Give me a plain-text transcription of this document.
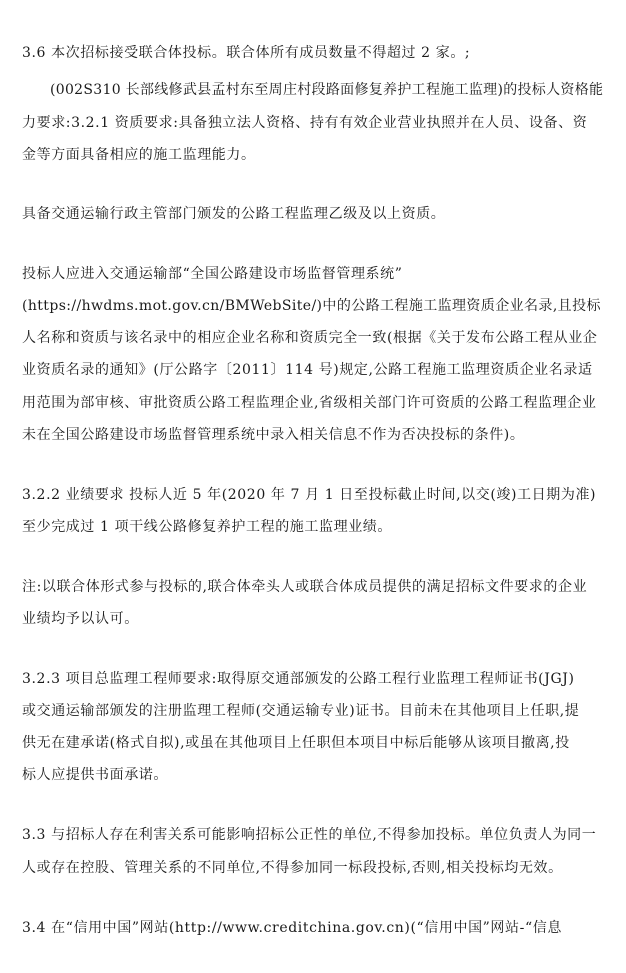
3.6 本次招标接受联合体投标。联合体所有成员数量不得超过 2 家。;
(002S310 长部线修武县孟村东至周庄村段路面修复养护工程施工监理)的投标人资格能
力要求:3.2.1 资质要求:具备独立法人资格、持有有效企业营业执照并在人员、设备、资
金等方面具备相应的施工监理能力。
具备交通运输行政主管部门颁发的公路工程监理乙级及以上资质。
投标人应进入交通运输部“全国公路建设市场监督管理系统”
(https://hwdms.mot.gov.cn/BMWebSite/)中的公路工程施工监理资质企业名录,且投标
人名称和资质与该名录中的相应企业名称和资质完全一致(根据《关于发布公路工程从业企
业资质名录的通知》(厅公路字〔2011〕114 号)规定,公路工程施工监理资质企业名录适
用范围为部审核、审批资质公路工程监理企业,省级相关部门许可资质的公路工程监理企业
未在全国公路建设市场监督管理系统中录入相关信息不作为否决投标的条件)。
3.2.2 业绩要求 投标人近 5 年(2020 年 7 月 1 日至投标截止时间,以交(竣)工日期为准)
至少完成过 1 项干线公路修复养护工程的施工监理业绩。
注:以联合体形式参与投标的,联合体牵头人或联合体成员提供的满足招标文件要求的企业
业绩均予以认可。
3.2.3 项目总监理工程师要求:取得原交通部颁发的公路工程行业监理工程师证书(JGJ)
或交通运输部颁发的注册监理工程师(交通运输专业)证书。目前未在其他项目上任职,提
供无在建承诺(格式自拟),或虽在其他项目上任职但本项目中标后能够从该项目撤离,投
标人应提供书面承诺。
3.3 与招标人存在利害关系可能影响招标公正性的单位,不得参加投标。单位负责人为同一
人或存在控股、管理关系的不同单位,不得参加同一标段投标,否则,相关投标均无效。
3.4 在“信用中国”网站(http://www.creditchina.gov.cn)(“信用中国”网站-“信息
